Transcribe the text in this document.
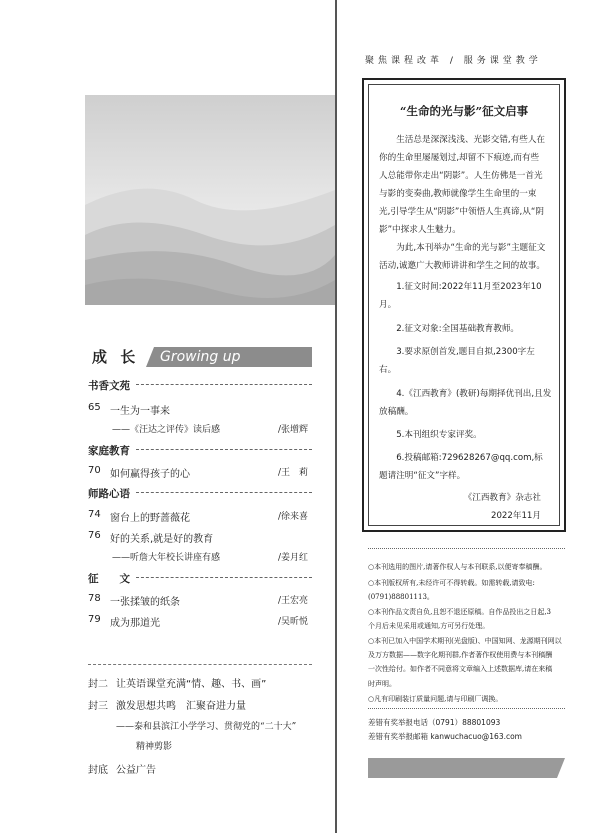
成 长 Growing up
书香文苑
65 一生为一事来
——《汪达之评传》读后感	/张增辉
家庭教育
70 如何赢得孩子的心	/王　莉
师路心语
74 窗台上的野蔷薇花	/徐来喜
76 好的关系,就是好的教育
——听詹大年校长讲座有感	/姜月红
征　　文
78 一张揉皱的纸条	/王宏亮
79 成为那道光	/吴昕悦
封二 让英语课堂充满“情、趣、书、画”
封三 激发思想共鸣　汇聚奋进力量
——泰和县滨江小学学习、贯彻党的“二十大”
精神剪影
封底 公益广告
聚焦课程改革 / 服务课堂教学
“生命的光与影”征文启事
　　生活总是深深浅浅、光影交错,有些人在
你的生命里屡屡划过,却留不下痕迹,而有些
人总能带你走出“阴影”。人生仿佛是一首光
与影的变奏曲,教师就像学生生命里的一束
光,引导学生从“阴影”中领悟人生真谛,从“阴
影”中探求人生魅力。
　　为此,本刊举办“生命的光与影”主题征文
活动,诚邀广大教师讲讲和学生之间的故事。
　　1.征文时间:2022年11月至2023年10
月。
　　2.征文对象:全国基础教育教师。
　　3.要求原创首发,题目自拟,2300字左
右。
　　4.《江西教育》(教研)每期择优刊出,且发
放稿酬。
　　5.本刊组织专家评奖。
　　6.投稿邮箱:729628267@qq.com,标
题请注明“征文”字样。
《江西教育》杂志社
2022年11月
○本刊选用的图片,请著作权人与本刊联系,以便寄奉稿酬。
○本刊版权所有,未经许可不得转载。如需转载,请致电:
(0791)88801113。
○本刊作品文责自负,且恕不退还原稿。自作品投出之日起,3
个月后未见采用或通知,方可另行处理。
○本刊已加入中国学术期刊(光盘版)、中国知网、龙源期刊网以
及万方数据——数字化期刊群,作者著作权使用费与本刊稿酬
一次性给付。如作者不同意将文章编入上述数据库,请在来稿
时声明。
○凡有印刷装订质量问题,请与印刷厂调换。
差错有奖举报电话（0791）88801093
差错有奖举报邮箱 kanwuchacuo@163.com
